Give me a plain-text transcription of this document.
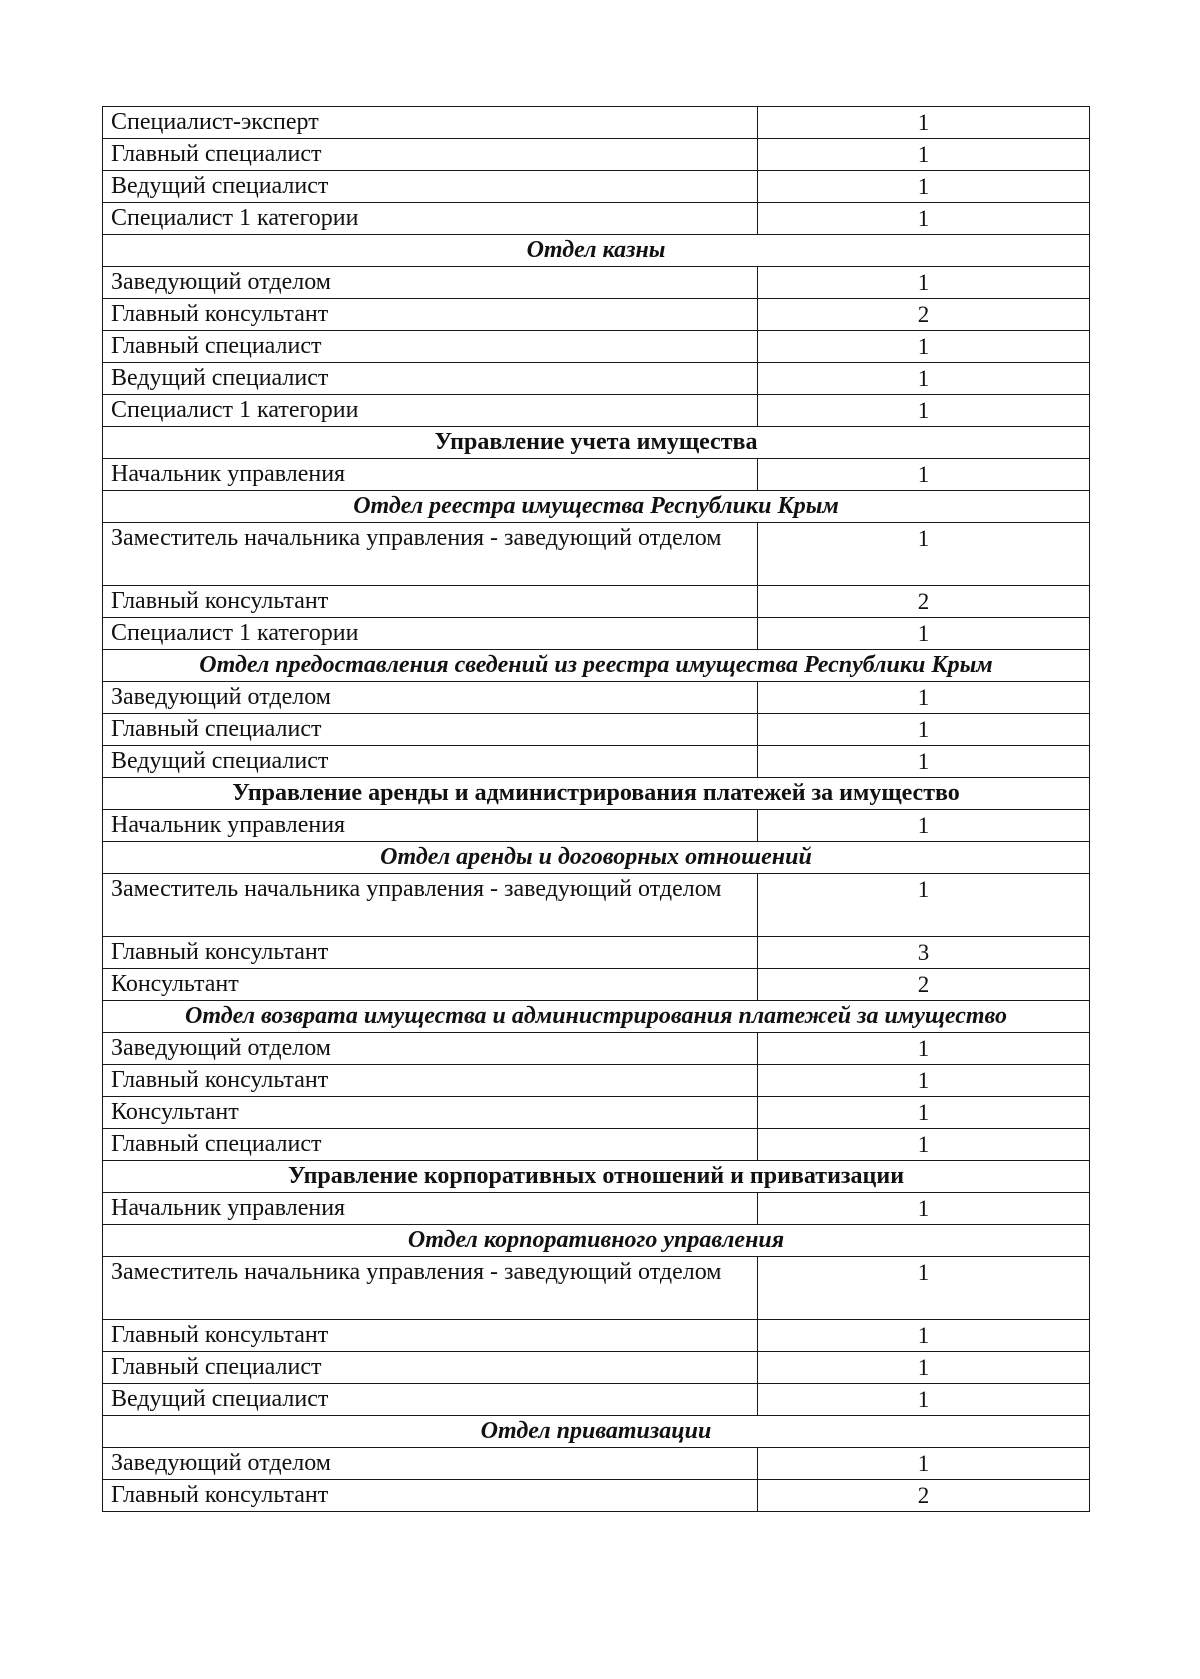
Специалист-эксперт	1
Главный специалист	1
Ведущий специалист	1
Специалист 1 категории	1
Отдел казны	
Заведующий отделом	1
Главный консультант	2
Главный специалист	1
Ведущий специалист	1
Специалист 1 категории	1
Управление учета имущества	
Начальник управления	1
Отдел реестра имущества Республики Крым	
Заместитель начальника управления - заведующий отделом	1
Главный консультант	2
Специалист 1 категории	1
Отдел предоставления сведений из реестра имущества Республики Крым	
Заведующий отделом	1
Главный специалист	1
Ведущий специалист	1
Управление аренды и администрирования платежей за имущество	
Начальник управления	1
Отдел аренды и договорных отношений	
Заместитель начальника управления - заведующий отделом	1
Главный консультант	3
Консультант	2
Отдел возврата имущества и администрирования платежей за имущество	
Заведующий отделом	1
Главный консультант	1
Консультант	1
Главный специалист	1
Управление корпоративных отношений и приватизации	
Начальник управления	1
Отдел корпоративного управления	
Заместитель начальника управления - заведующий отделом	1
Главный консультант	1
Главный специалист	1
Ведущий специалист	1
Отдел приватизации	
Заведующий отделом	1
Главный консультант	2
